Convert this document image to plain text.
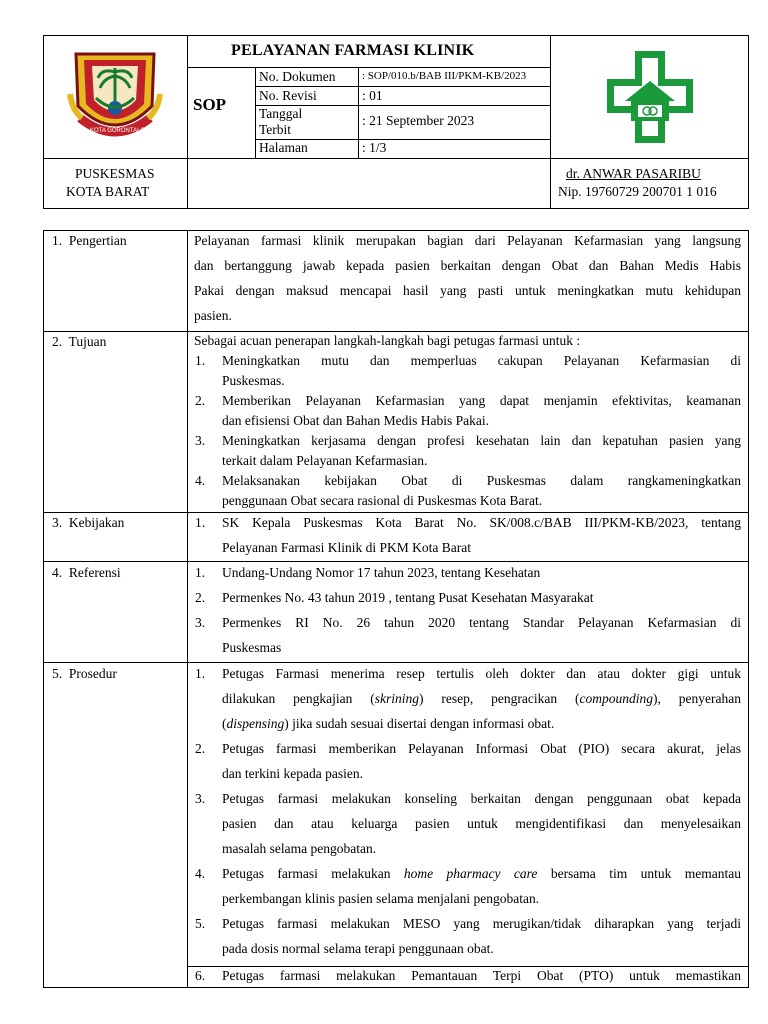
KOTA GORONTALO
PELAYANAN FARMASI KLINIK
SOP
No. Dokumen : SOP/010.b/BAB III/PKM-KB/2023
No. Revisi	: 01
Tanggal
Terbit
: 21 September 2023
Halaman	: 1/3
PUSKESMAS
KOTA BARAT
dr. ANWAR PASARIBU
Nip. 19760729 200701 1 016
1.  Pengertian
2.  Tujuan
3.  Kebijakan
4.  Referensi
5.  Prosedur
Pelayanan farmasi klinik merupakan bagian dari Pelayanan Kefarmasian yang langsung
dan bertanggung jawab kepada pasien berkaitan dengan Obat dan Bahan Medis Habis
Pakai dengan maksud mencapai hasil yang pasti untuk meningkatkan mutu kehidupan
pasien.
Sebagai acuan penerapan langkah-langkah bagi petugas farmasi untuk :
1. Meningkatkan mutu dan memperluas cakupan Pelayanan Kefarmasian di
Puskesmas.
2. Memberikan Pelayanan Kefarmasian yang dapat menjamin efektivitas, keamanan
dan efisiensi Obat dan Bahan Medis Habis Pakai.
3. Meningkatkan kerjasama dengan profesi kesehatan lain dan kepatuhan pasien yang
terkait dalam Pelayanan Kefarmasian.
4. Melaksanakan kebijakan Obat di Puskesmas dalam rangkameningkatkan
penggunaan Obat secara rasional di Puskesmas Kota Barat.
1. SK Kepala Puskesmas Kota Barat No. SK/008.c/BAB III/PKM-KB/2023, tentang
Pelayanan Farmasi Klinik di PKM Kota Barat
1. Undang-Undang Nomor 17 tahun 2023, tentang Kesehatan
2. Permenkes No. 43 tahun 2019 , tentang Pusat Kesehatan Masyarakat
3. Permenkes RI No. 26 tahun 2020 tentang Standar Pelayanan Kefarmasian di
Puskesmas
1. Petugas Farmasi menerima resep tertulis oleh dokter dan atau dokter gigi untuk
dilakukan pengkajian (skrining) resep, pengracikan (compounding), penyerahan
(dispensing) jika sudah sesuai disertai dengan informasi obat.
2. Petugas farmasi memberikan Pelayanan Informasi Obat (PIO) secara akurat, jelas
dan terkini kepada pasien.
3. Petugas farmasi melakukan konseling berkaitan dengan penggunaan obat kepada
pasien dan atau keluarga pasien untuk mengidentifikasi dan menyelesaikan
masalah selama pengobatan.
4. Petugas farmasi melakukan home pharmacy care bersama tim untuk memantau
perkembangan klinis pasien selama menjalani pengobatan.
5. Petugas farmasi melakukan MESO yang merugikan/tidak diharapkan yang terjadi
pada dosis normal selama terapi penggunaan obat.
6. Petugas farmasi melakukan Pemantauan Terpi Obat (PTO) untuk memastikan
